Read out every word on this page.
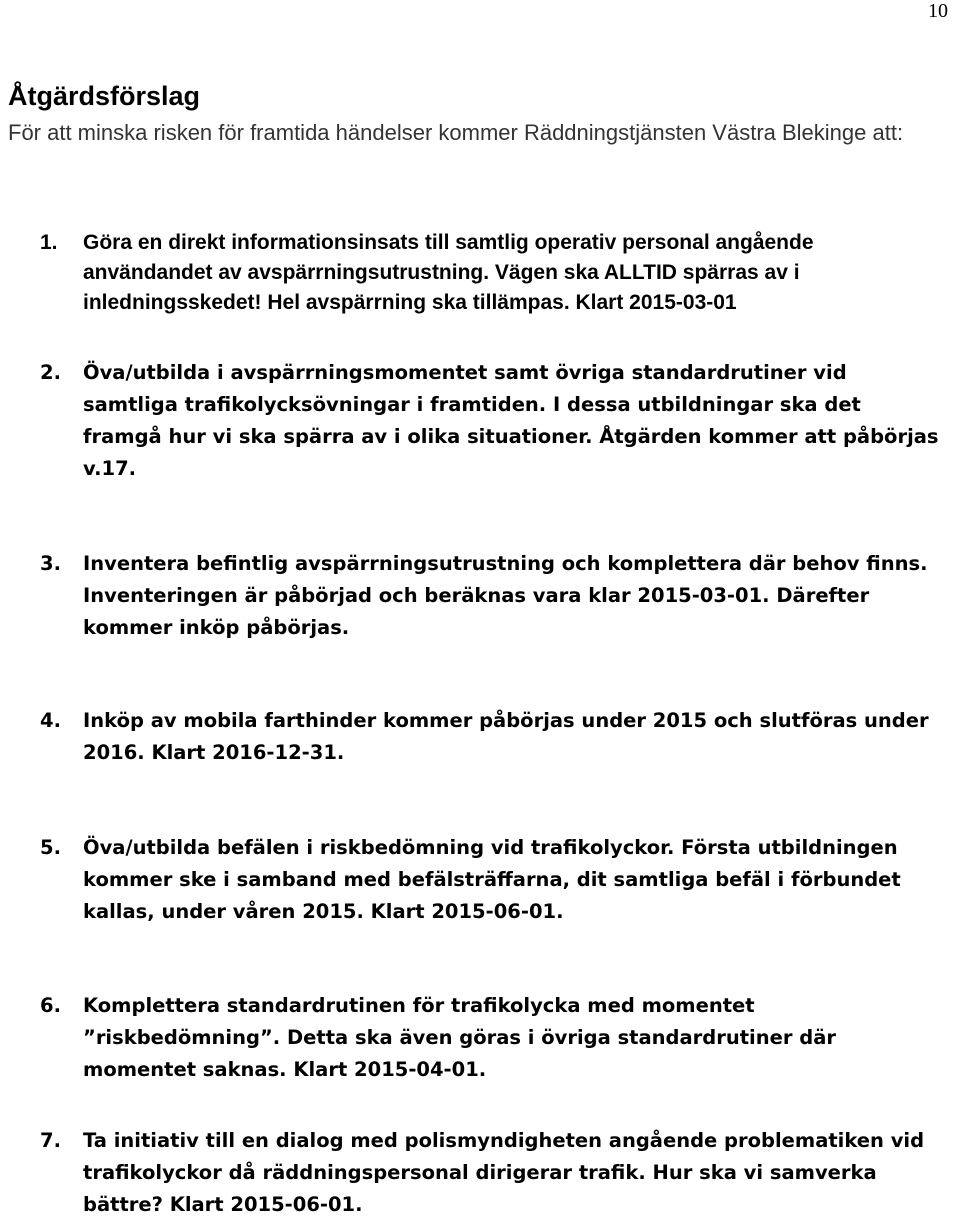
10
Åtgärdsförslag

För att minska risken för framtida händelser kommer Räddningstjänsten Västra Blekinge att:

1.	Göra en direkt informationsinsats till samtlig operativ personal angående användandet av avspärrningsutrustning. Vägen ska ALLTID spärras av i inledningsskedet! Hel avspärrning ska tillämpas. Klart 2015-03-01
2.	Öva/utbilda i avspärrningsmomentet samt övriga standardrutiner vid samtliga trafikolycksövningar i framtiden. I dessa utbildningar ska det framgå hur vi ska spärra av i olika situationer. Åtgärden kommer att påbörjas v.17.
3.	Inventera befintlig avspärrningsutrustning och komplettera där behov finns. Inventeringen är påbörjad och beräknas vara klar 2015-03-01. Därefter kommer inköp påbörjas.
4.	Inköp av mobila farthinder kommer påbörjas under 2015 och slutföras under 2016. Klart 2016-12-31.
5.	Öva/utbilda befälen i riskbedömning vid trafikolyckor. Första utbildningen kommer ske i samband med befälsträffarna, dit samtliga befäl i förbundet kallas, under våren 2015. Klart 2015-06-01.
6.	Komplettera standardrutinen för trafikolycka med momentet ”riskbedömning”. Detta ska även göras i övriga standardrutiner där momentet saknas. Klart 2015-04-01.
7.	Ta initiativ till en dialog med polismyndigheten angående problematiken vid trafikolyckor då räddningspersonal dirigerar trafik. Hur ska vi samverka bättre? Klart 2015-06-01.
